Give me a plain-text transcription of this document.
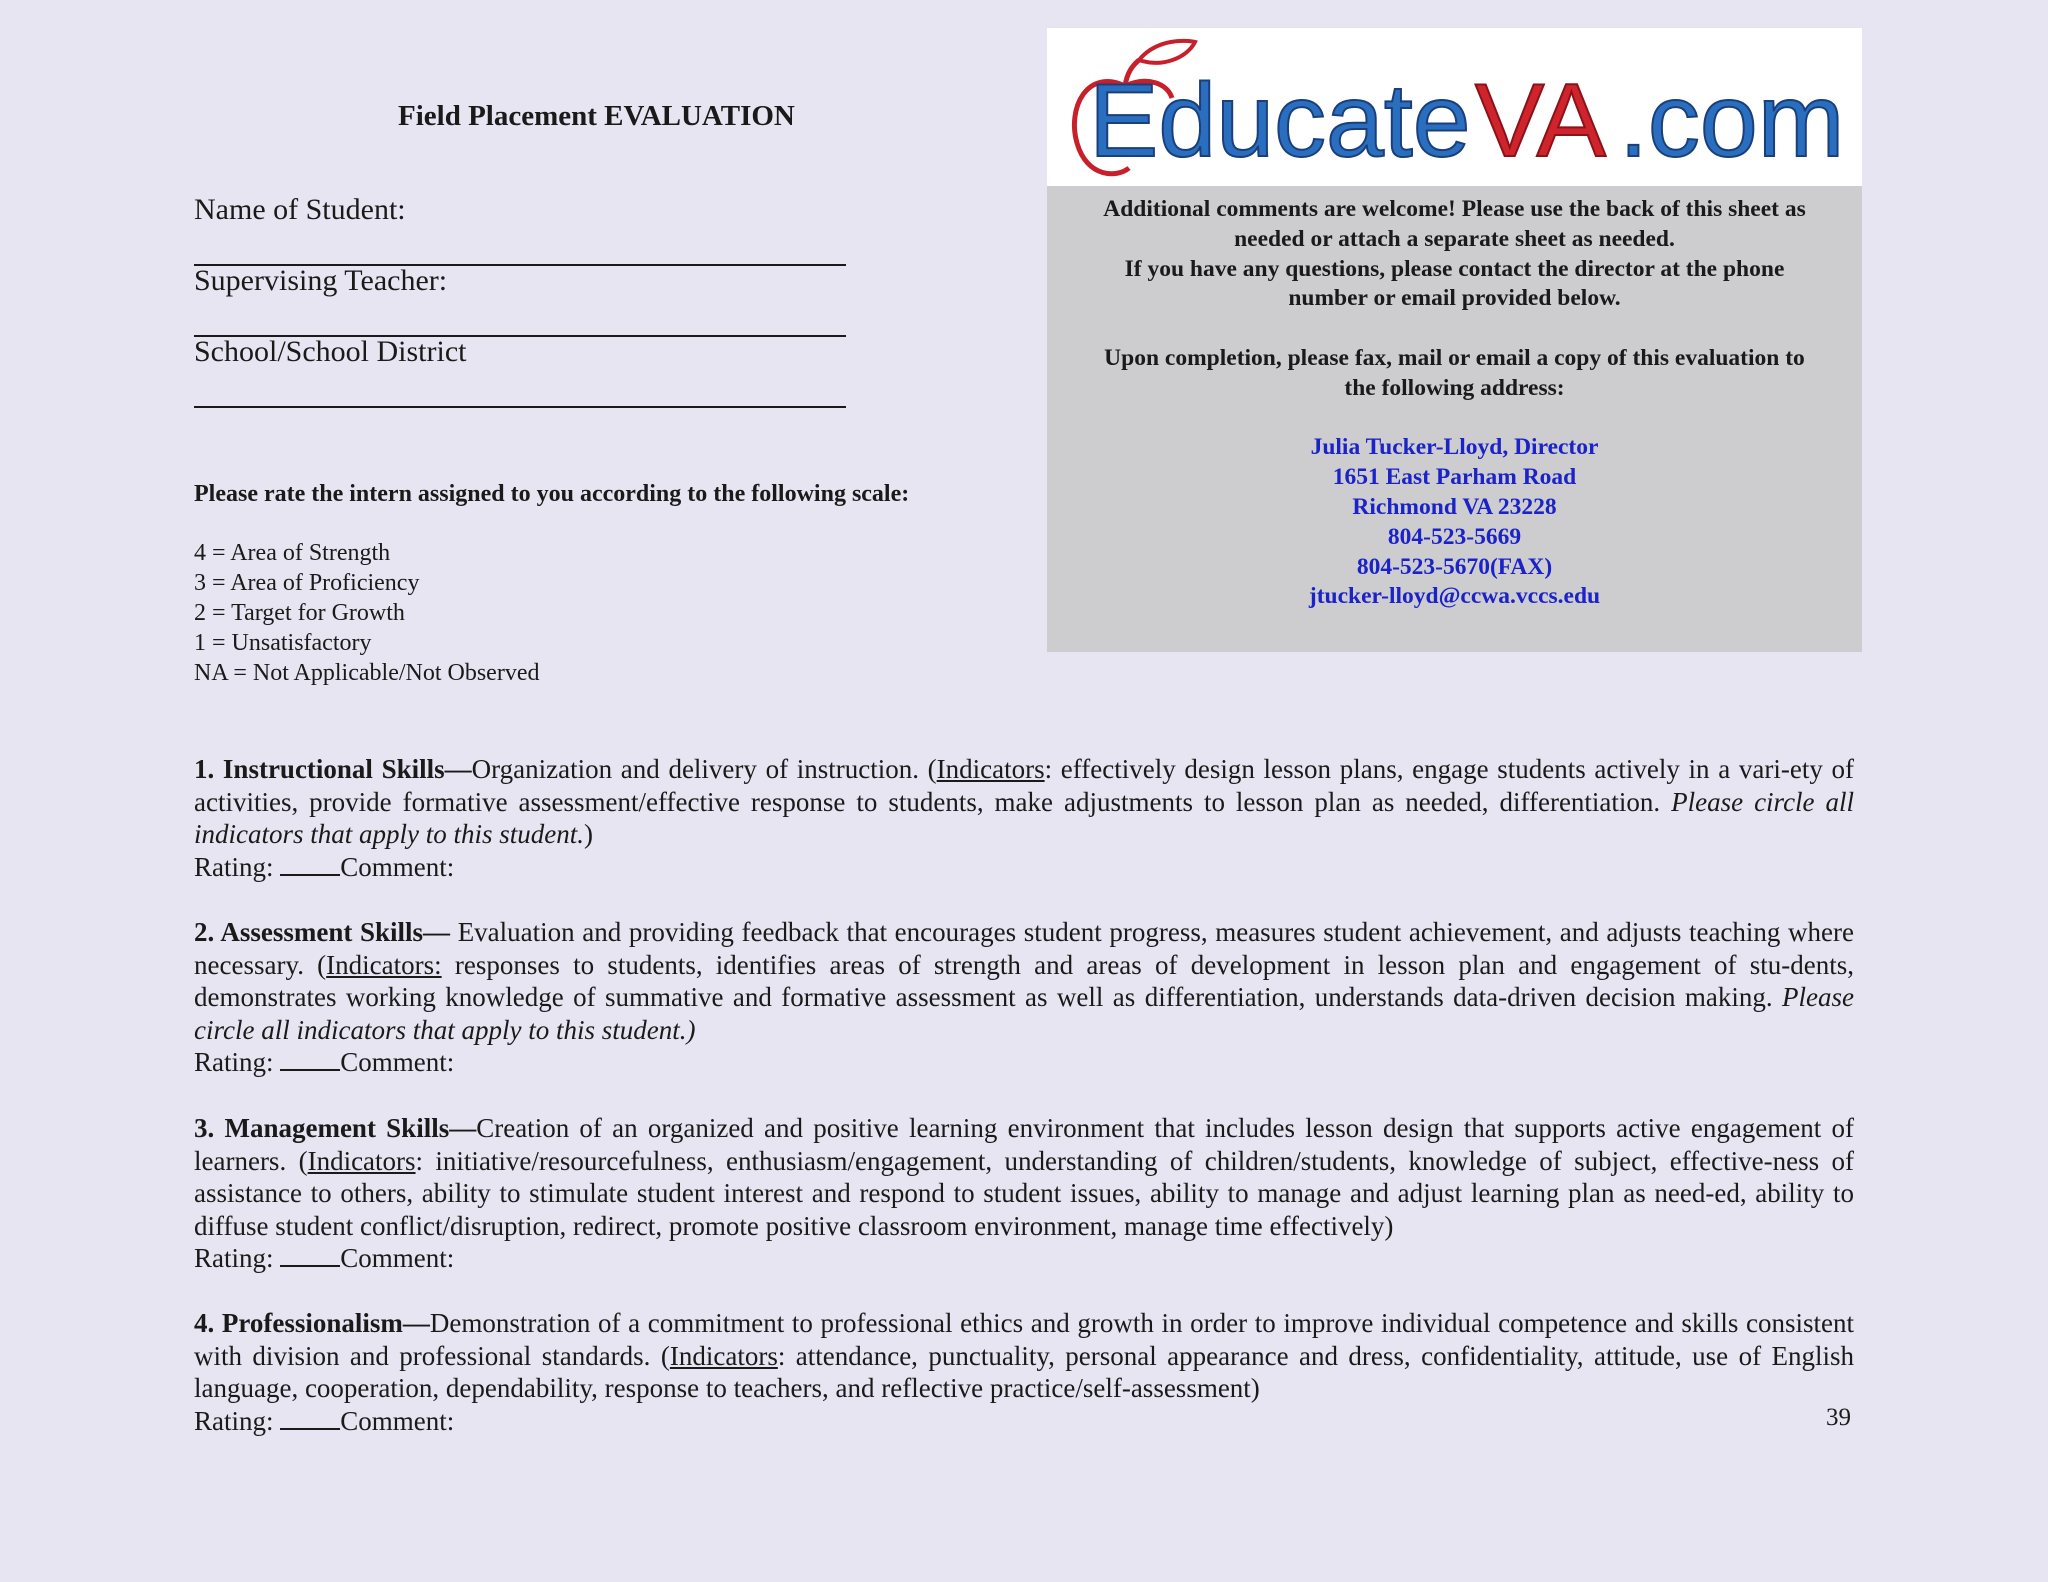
Field Placement EVALUATION
Name of Student:
Supervising Teacher:
School/School District
Please rate the intern assigned to you according to the following scale:
4 = Area of Strength
3 = Area of Proficiency
2 = Target for Growth
1 = Unsatisfactory
NA = Not Applicable/Not Observed
Educate VA .com

Additional comments are welcome! Please use the back of this sheet as

needed or attach a separate sheet as needed.

If you have any questions, please contact the director at the phone

number or email provided below.

Upon completion, please fax, mail or email a copy of this evaluation to

the following address:

Julia Tucker-Lloyd, Director

1651 East Parham Road

Richmond VA 23228

804-523-5669

804-523-5670(FAX)

jtucker-lloyd@ccwa.vccs.edu

1. Instructional Skills—Organization and delivery of instruction. (Indicators: effectively design lesson plans, engage students actively in a vari-ety of activities, provide formative assessment/effective response to students, make adjustments to lesson plan as needed, differentiation. Please circle all indicators that apply to this student.)

Rating: Comment:

2. Assessment Skills— Evaluation and providing feedback that encourages student progress, measures student achievement, and adjusts teaching where necessary. (Indicators: responses to students, identifies areas of strength and areas of development in lesson plan and engagement of stu-dents, demonstrates working knowledge of summative and formative assessment as well as differentiation, understands data-driven decision making. Please circle all indicators that apply to this student.)

Rating: Comment:

3. Management Skills—Creation of an organized and positive learning environment that includes lesson design that supports active engagement of learners. (Indicators: initiative/resourcefulness, enthusiasm/engagement, understanding of children/students, knowledge of subject, effective-ness of assistance to others, ability to stimulate student interest and respond to student issues, ability to manage and adjust learning plan as need-ed, ability to diffuse student conflict/disruption, redirect, promote positive classroom environment, manage time effectively)

Rating: Comment:

4. Professionalism—Demonstration of a commitment to professional ethics and growth in order to improve individual competence and skills consistent with division and professional standards. (Indicators: attendance, punctuality, personal appearance and dress, confidentiality, attitude, use of English language, cooperation, dependability, response to teachers, and reflective practice/self-assessment)

Rating: Comment:	39
